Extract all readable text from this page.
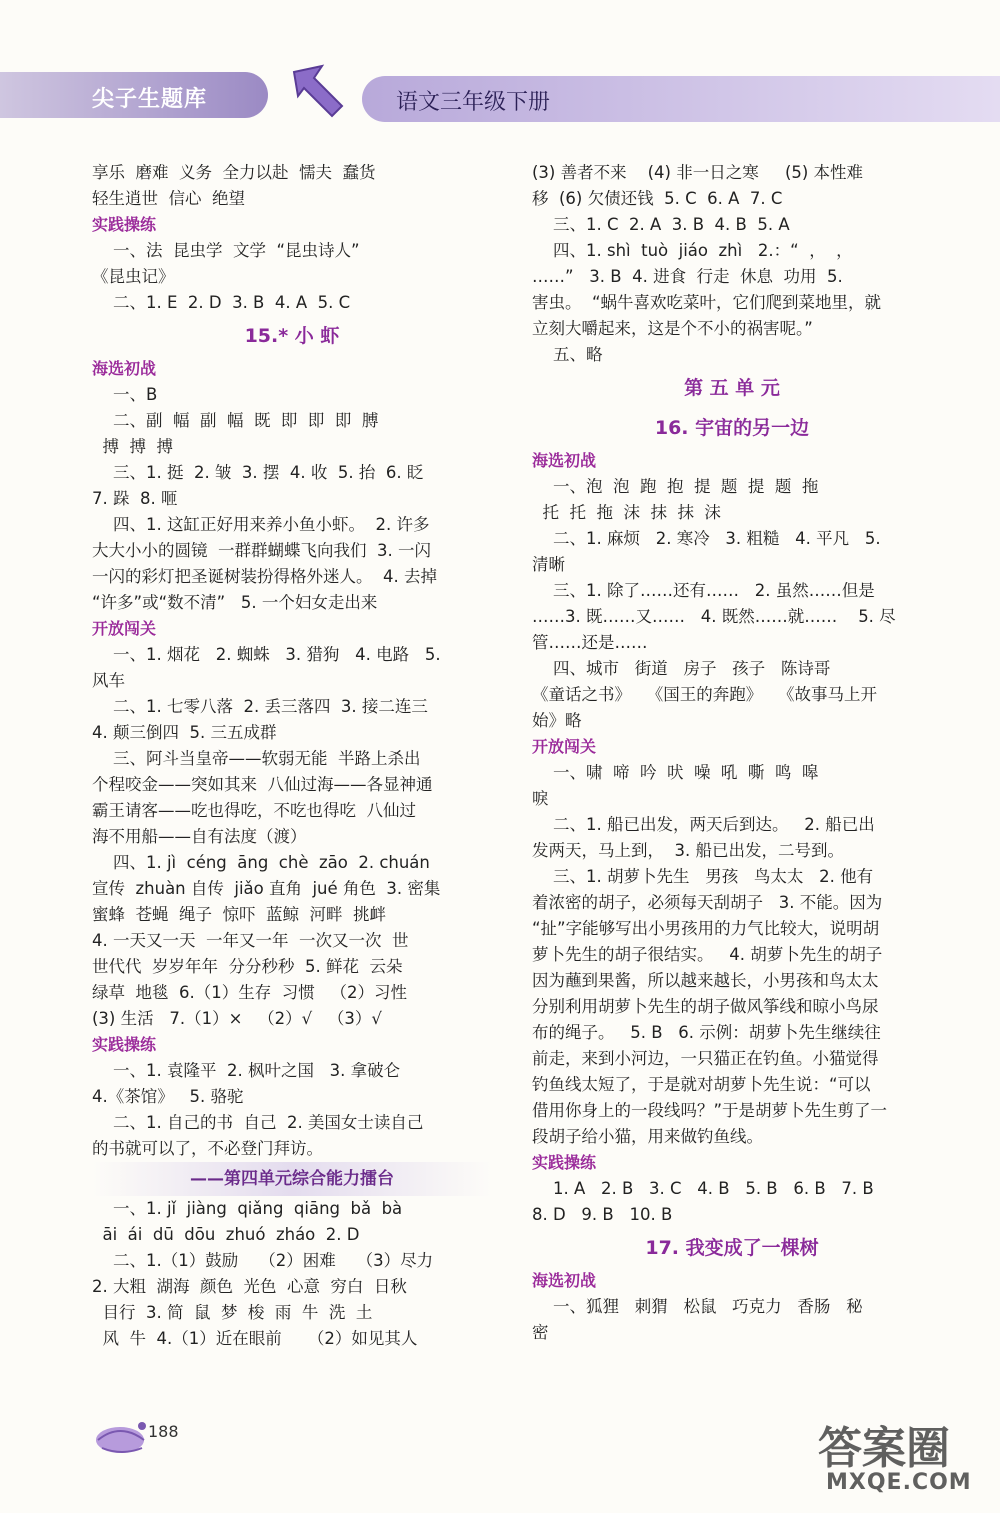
尖子生题库	语文三年级下册
享乐  磨难  义务  全力以赴  懦夫  蠢货
轻生逍世  信心  绝望
实践操练
一、法  昆虫学  文学  “昆虫诗人”
《昆虫记》
二、1. E  2. D  3. B  4. A  5. C
15.* 小 虾
海选初战
一、B
二、副  幅  副  幅  既  即  即  即  膊
搏  搏  搏
三、1. 挺  2. 皱  3. 摆  4. 收  5. 抬  6. 眨
7. 跺  8. 咂
四、1. 这缸正好用来养小鱼小虾。  2. 许多
大大小小的圆镜  一群群蝴蝶飞向我们  3. 一闪
一闪的彩灯把圣诞树装扮得格外迷人。  4. 去掉
“许多”或“数不清”   5. 一个妇女走出来
开放闯关
一、1. 烟花   2. 蜘蛛   3. 猎狗   4. 电路   5.
风车
二、1. 七零八落  2. 丢三落四  3. 接二连三
4. 颠三倒四  5. 三五成群
三、阿斗当皇帝——软弱无能  半路上杀出
个程咬金——突如其来  八仙过海——各显神通
霸王请客——吃也得吃，不吃也得吃  八仙过
海不用船——自有法度（渡）
四、1. jì  céng  āng  chè  zāo  2. chuán
宣传  zhuàn 自传  jiǎo 直角  jué 角色  3. 密集
蜜蜂  苍蝇  绳子  惊吓  蓝鲸  河畔  挑衅
4. 一天又一天  一年又一年  一次又一次  世
世代代  岁岁年年  分分秒秒  5. 鲜花  云朵
绿草  地毯  6.（1）生存  习惯   （2）习性
(3) 生活   7.（1）×   （2）√   （3）√
实践操练
一、1. 袁隆平  2. 枫叶之国   3. 拿破仑
4.《茶馆》   5. 骆驼
二、1. 自己的书  自己  2. 美国女士读自己
的书就可以了，不必登门拜访。
——第四单元综合能力擂台
一、1. jǐ  jiàng  qiǎng  qiāng  bǎ  bà
āi  ái  dū  dōu  zhuó  zháo  2. D
二、1.（1）鼓励    （2）困难    （3）尽力
2. 大粗  湖海  颜色  光色  心意  穷白  日秋
目行  3. 简  鼠  梦  梭  雨  牛  洗  土
风  牛  4.（1）近在眼前     （2）如见其人
(3) 善者不来    (4) 非一日之寒     (5) 本性难
移  (6) 欠债还钱  5. C  6. A  7. C
三、1. C  2. A  3. B  4. B  5. A
四、1. shì  tuò  jiáo  zhì   2.：“  ，  ，
……”   3. B  4. 进食  行走  休息  功用  5.
害虫。  “蜗牛喜欢吃菜叶，它们爬到菜地里，就
立刻大嚼起来，这是个不小的祸害呢。”
五、略
第 五 单 元
16. 宇宙的另一边
海选初战
一、泡  泡  跑  抱  提  题  提  题  拖
托  托  拖  沫  抹  抹  沫
二、1. 麻烦   2. 寒冷   3. 粗糙   4. 平凡   5.
清晰
三、1. 除了……还有……   2. 虽然……但是
……3. 既……又……   4. 既然……就……    5. 尽
管……还是……
四、城市   街道   房子   孩子   陈诗哥
《童话之书》   《国王的奔跑》   《故事马上开
始》略
开放闯关
一、啸  啼  吟  吠  噪  吼  嘶  鸣  嗥
唳
二、1. 船已出发，两天后到达。   2. 船已出
发两天，马上到，  3. 船已出发，二号到。
三、1. 胡萝卜先生   男孩   鸟太太   2. 他有
着浓密的胡子，必须每天刮胡子   3. 不能。因为
“扯”字能够写出小男孩用的力气比较大，说明胡
萝卜先生的胡子很结实。   4. 胡萝卜先生的胡子
因为蘸到果酱，所以越来越长，小男孩和鸟太太
分别利用胡萝卜先生的胡子做风筝线和晾小鸟尿
布的绳子。   5. B   6. 示例：胡萝卜先生继续往
前走，来到小河边，一只猫正在钓鱼。小猫觉得
钓鱼线太短了，于是就对胡萝卜先生说：“可以
借用你身上的一段线吗？”于是胡萝卜先生剪了一
段胡子给小猫，用来做钓鱼线。
实践操练
1. A   2. B   3. C   4. B   5. B   6. B   7. B
8. D   9. B   10. B
17. 我变成了一棵树
海选初战
一、狐狸   刺猬   松鼠   巧克力   香肠   秘
密
188	答案圈
MXQE.COM
